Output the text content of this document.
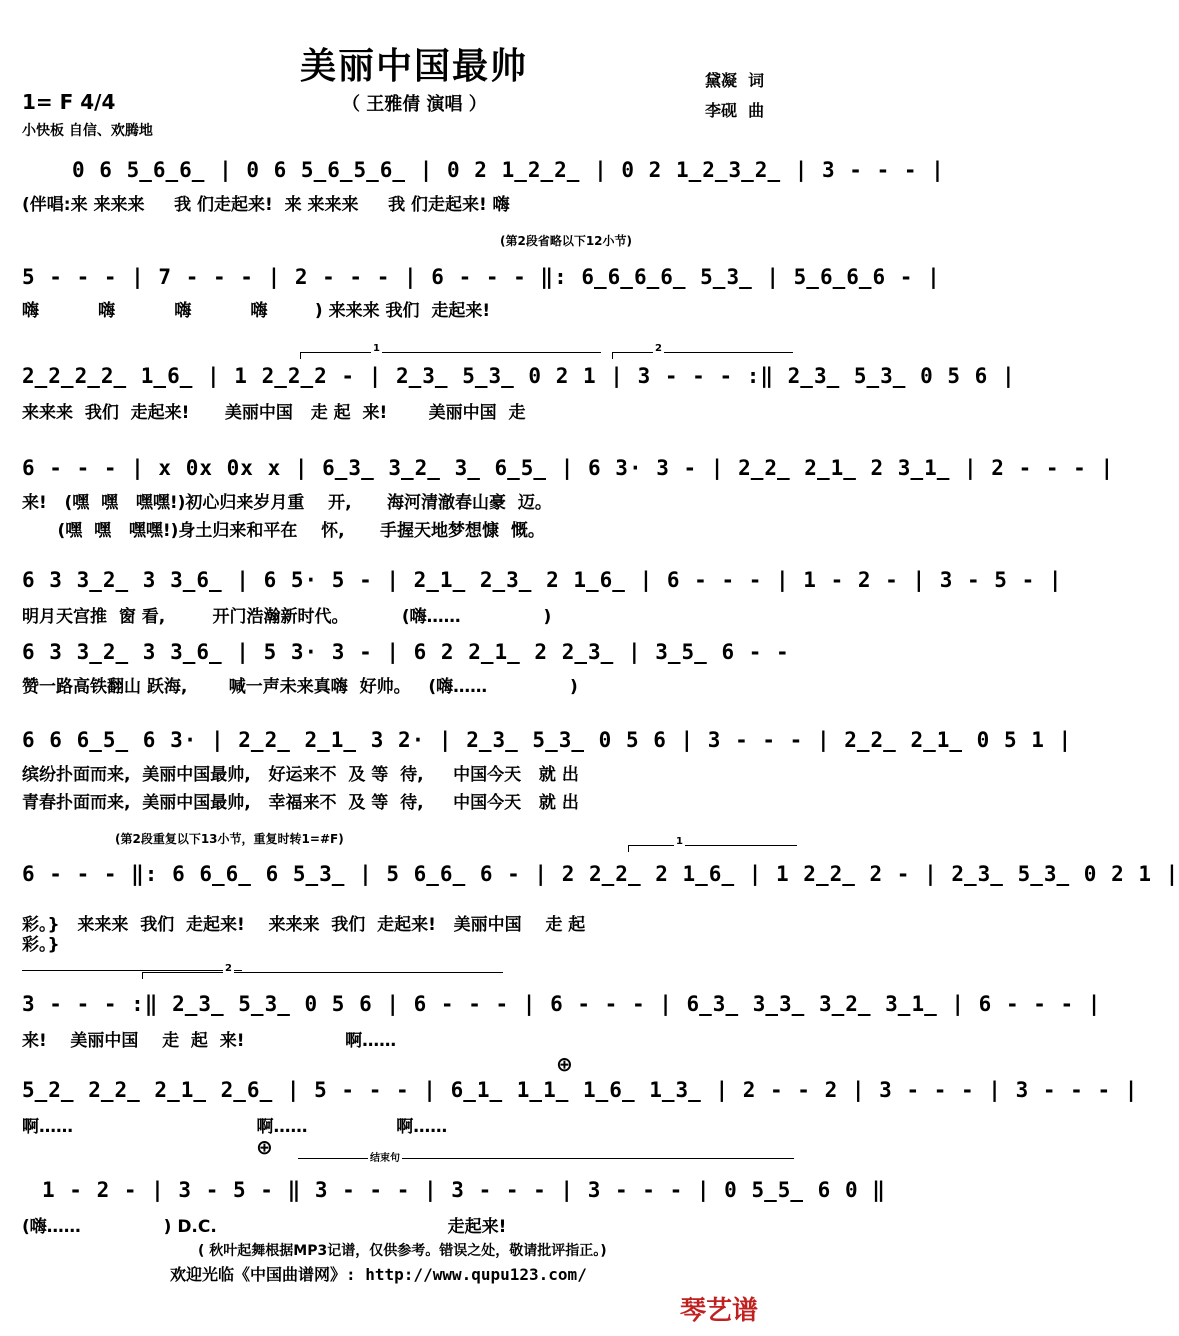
美丽中国最帅
（ 王雅倩 演唱 ）
1= F 4/4
小快板 自信、欢腾地
黛凝  词
李砚  曲
0 6 5̲6̲6̲ | 0 6 5̲6̲5̲6̲ | 0 2 1̲2̲2̲ | 0 2 1̲2̲3̲2̲ | 3 - - - |
(伴唱:来 来来来     我 们走起来!  来 来来来     我 们走起来! 嗨
(第2段省略以下12小节)
5 - - - | 7 - - - | 2 - - - | 6 - - - ‖: 6̲6̲6̲6̲ 5̲3̲ | 5̲6̲6̲6 - |
嗨          嗨          嗨          嗨        ) 来来来 我们  走起来!
1	2
2̲2̲2̲2̲ 1̲6̲ | 1 2̲2̲2 - | 2̲3̲ 5̲3̲ 0 2 1 | 3 - - - :‖ 2̲3̲ 5̲3̲ 0 5 6 |
来来来  我们  走起来!      美丽中国   走 起  来!       美丽中国  走
6 - - - | x 0x 0x x | 6̲3̲ 3̲2̲ 3̲ 6̲5̲ | 6 3· 3 - | 2̲2̲ 2̲1̲ 2 3̲1̲ | 2 - - - |
来!   (嘿  嘿   嘿嘿!)初心归来岁月重    开,      海河清澈春山豪  迈。
(嘿  嘿   嘿嘿!)身土归来和平在    怀,      手握天地梦想慷  慨。
6 3 3̲2̲ 3 3̲6̲ | 6 5· 5 - | 2̲1̲ 2̲3̲ 2 1̲6̲ | 6 - - - | 1 - 2 - | 3 - 5 - |
明月天宫推  窗 看,        开门浩瀚新时代。         (嗨……              )
6 3 3̲2̲ 3 3̲6̲ | 5 3· 3 - | 6 2 2̲1̲ 2 2̲3̲ | 3̲5̲ 6 - -
赞一路高铁翻山 跃海,       喊一声未来真嗨  好帅。   (嗨……              )
6 6 6̲5̲ 6 3· | 2̲2̲ 2̲1̲ 3 2· | 2̲3̲ 5̲3̲ 0 5 6 | 3 - - - | 2̲2̲ 2̲1̲ 0 5 1 |
缤纷扑面而来,  美丽中国最帅,   好运来不  及 等  待,     中国今天   就 出
青春扑面而来,  美丽中国最帅,   幸福来不  及 等  待,     中国今天   就 出
(第2段重复以下13小节，重复时转1=#F)	1
6 - - - ‖: 6 6̲6̲ 6 5̲3̲ | 5 6̲6̲ 6 - | 2 2̲2̲ 2 1̲6̲ | 1 2̲2̲ 2 - | 2̲3̲ 5̲3̲ 0 2 1 |
彩。}   来来来  我们  走起来!    来来来  我们  走起来!   美丽中国    走 起
彩。}
2
3 - - - :‖ 2̲3̲ 5̲3̲ 0 5 6 | 6 - - - | 6 - - - | 6̲3̲ 3̲3̲ 3̲2̲ 3̲1̲ | 6 - - - |
来!    美丽中国    走  起  来!                 啊……
5̲2̲ 2̲2̲ 2̲1̲ 2̲6̲ | 5 - - - | 6̲1̲ 1̲1̲ 1̲6̲ 1̲3̲ | 2 - - 2 | 3 - - - | 3 - - - |
啊……                               啊……               啊……
⊕
⊕	结束句
1 - 2 - | 3 - 5 - ‖ 3 - - - | 3 - - - | 3 - - - | 0 5̲5̲ 6 0 ‖
(嗨……              ) D.C.                                       走起来!
( 秋叶起舞根据MP3记谱，仅供参考。错误之处，敬请批评指正。)
欢迎光临《中国曲谱网》: http://www.qupu123.com/
琴艺谱
